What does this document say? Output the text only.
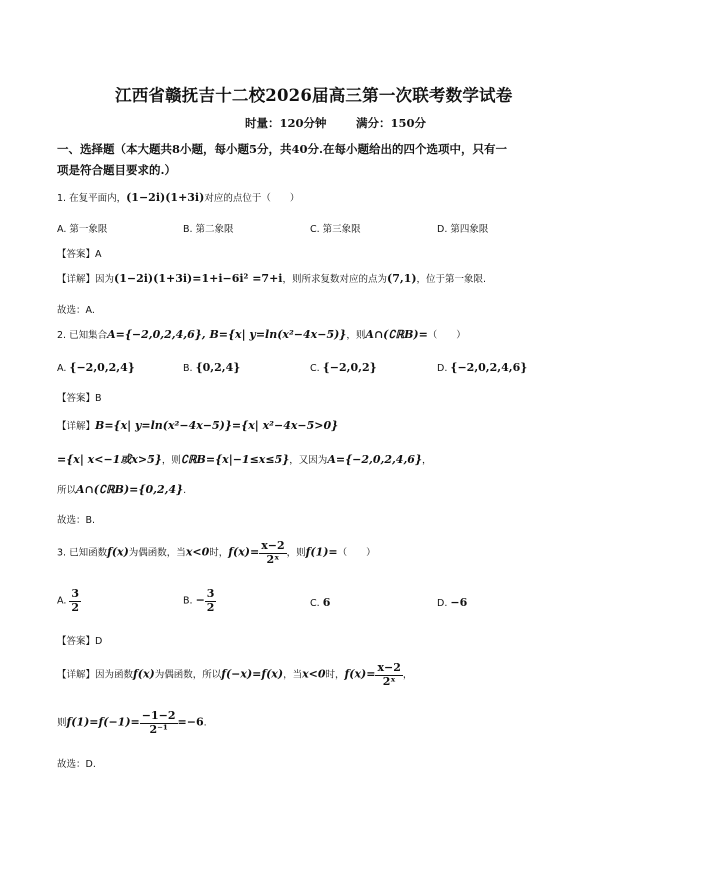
江西省赣抚吉十二校2026届高三第一次联考数学试卷
时量：120分钟	满分：150分
一、选择题（本大题共8小题，每小题5分，共40分.在每小题给出的四个选项中，只有一
项是符合题目要求的.）
1. 在复平面内，(1−2i)(1+3i)对应的点位于（　　）
A. 第一象限	B. 第二象限	C. 第三象限	D. 第四象限
【答案】A
【详解】因为(1−2i)(1+3i)=1+i−6i² =7+i，则所求复数对应的点为(7,1)，位于第一象限.
故选：A.
2. 已知集合A={−2,0,2,4,6}, B={x| y=ln(x²−4x−5)}，则A∩(∁ℝB)=（　　）
A. {−2,0,2,4}	B. {0,2,4}	C. {−2,0,2}	D. {−2,0,2,4,6}
【答案】B
【详解】B={x| y=ln(x²−4x−5)}={x| x²−4x−5>0}
={x| x<−1或x>5}，则∁ℝB={x|−1≤x≤5}，又因为A={−2,0,2,4,6}，
所以A∩(∁ℝB)={0,2,4}.
故选：B.
3. 已知函数f(x)为偶函数，当x<0时，$f(x)= \frac{x-2}{\text{2ˣ}}$ ，则f(1)=（　　）
A. $\frac{3}{2}$	B. − $\frac{3}{2}$	C. 6	D. −6
【答案】D
【详解】因为函数f(x)为偶函数，所以f(−x)=f(x)，当x<0时，$f(x)= \frac{x-2}{\text{2ˣ}}$ ，
则$f(1)=f(-1)= \frac{-1-2}{\text{2⁻¹}} =-6$.
故选：D.
